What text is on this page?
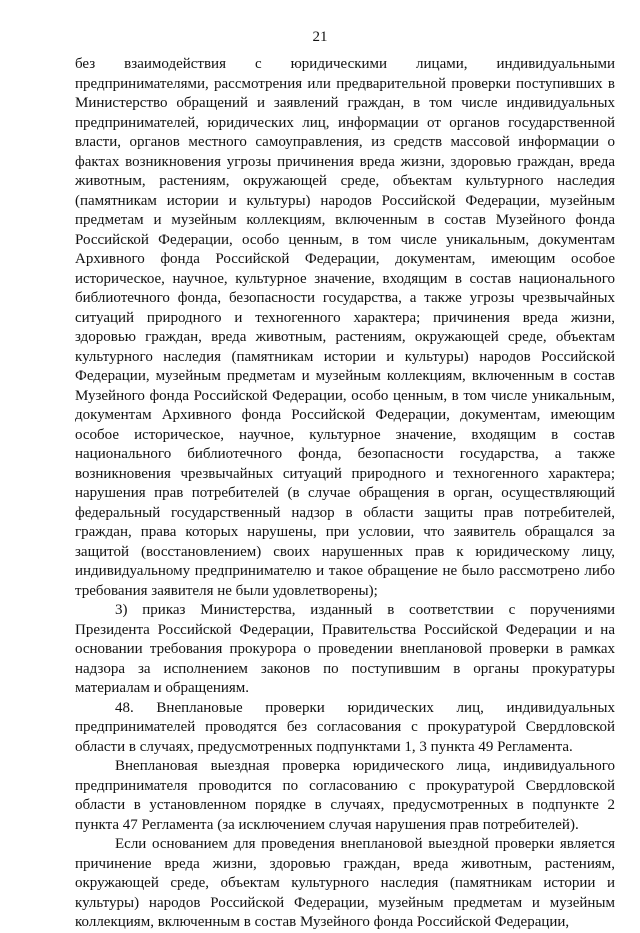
21

без взаимодействия с юридическими лицами, индивидуальными предпринимателями, рассмотрения или предварительной проверки поступивших в Министерство обращений и заявлений граждан, в том числе индивидуальных предпринимателей, юридических лиц, информации от органов государственной власти, органов местного самоуправления, из средств массовой информации о фактах возникновения угрозы причинения вреда жизни, здоровью граждан, вреда животным, растениям, окружающей среде, объектам культурного наследия (памятникам истории и культуры) народов Российской Федерации, музейным предметам и музейным коллекциям, включенным в состав Музейного фонда Российской Федерации, особо ценным, в том числе уникальным, документам Архивного фонда Российской Федерации, документам, имеющим особое историческое, научное, культурное значение, входящим в состав национального библиотечного фонда, безопасности государства, а также угрозы чрезвычайных ситуаций природного и техногенного характера; причинения вреда жизни, здоровью граждан, вреда животным, растениям, окружающей среде, объектам культурного наследия (памятникам истории и культуры) народов Российской Федерации, музейным предметам и музейным коллекциям, включенным в состав Музейного фонда Российской Федерации, особо ценным, в том числе уникальным, документам Архивного фонда Российской Федерации, документам, имеющим особое историческое, научное, культурное значение, входящим в состав национального библиотечного фонда, безопасности государства, а также возникновения чрезвычайных ситуаций природного и техногенного характера; нарушения прав потребителей (в случае обращения в орган, осуществляющий федеральный государственный надзор в области защиты прав потребителей, граждан, права которых нарушены, при условии, что заявитель обращался за защитой (восстановлением) своих нарушенных прав к юридическому лицу, индивидуальному предпринимателю и такое обращение не было рассмотрено либо требования заявителя не были удовлетворены);

3) приказ Министерства, изданный в соответствии с поручениями Президента Российской Федерации, Правительства Российской Федерации и на основании требования прокурора о проведении внеплановой проверки в рамках надзора за исполнением законов по поступившим в органы прокуратуры материалам и обращениям.

48. Внеплановые проверки юридических лиц, индивидуальных предпринимателей проводятся без согласования с прокуратурой Свердловской области в случаях, предусмотренных подпунктами 1, 3 пункта 49 Регламента.

Внеплановая выездная проверка юридического лица, индивидуального предпринимателя проводится по согласованию с прокуратурой Свердловской области в установленном порядке в случаях, предусмотренных в подпункте 2 пункта 47 Регламента (за исключением случая нарушения прав потребителей).

Если основанием для проведения внеплановой выездной проверки является причинение вреда жизни, здоровью граждан, вреда животным, растениям, окружающей среде, объектам культурного наследия (памятникам истории и культуры) народов Российской Федерации, музейным предметам и музейным коллекциям, включенным в состав Музейного фонда Российской Федерации,
